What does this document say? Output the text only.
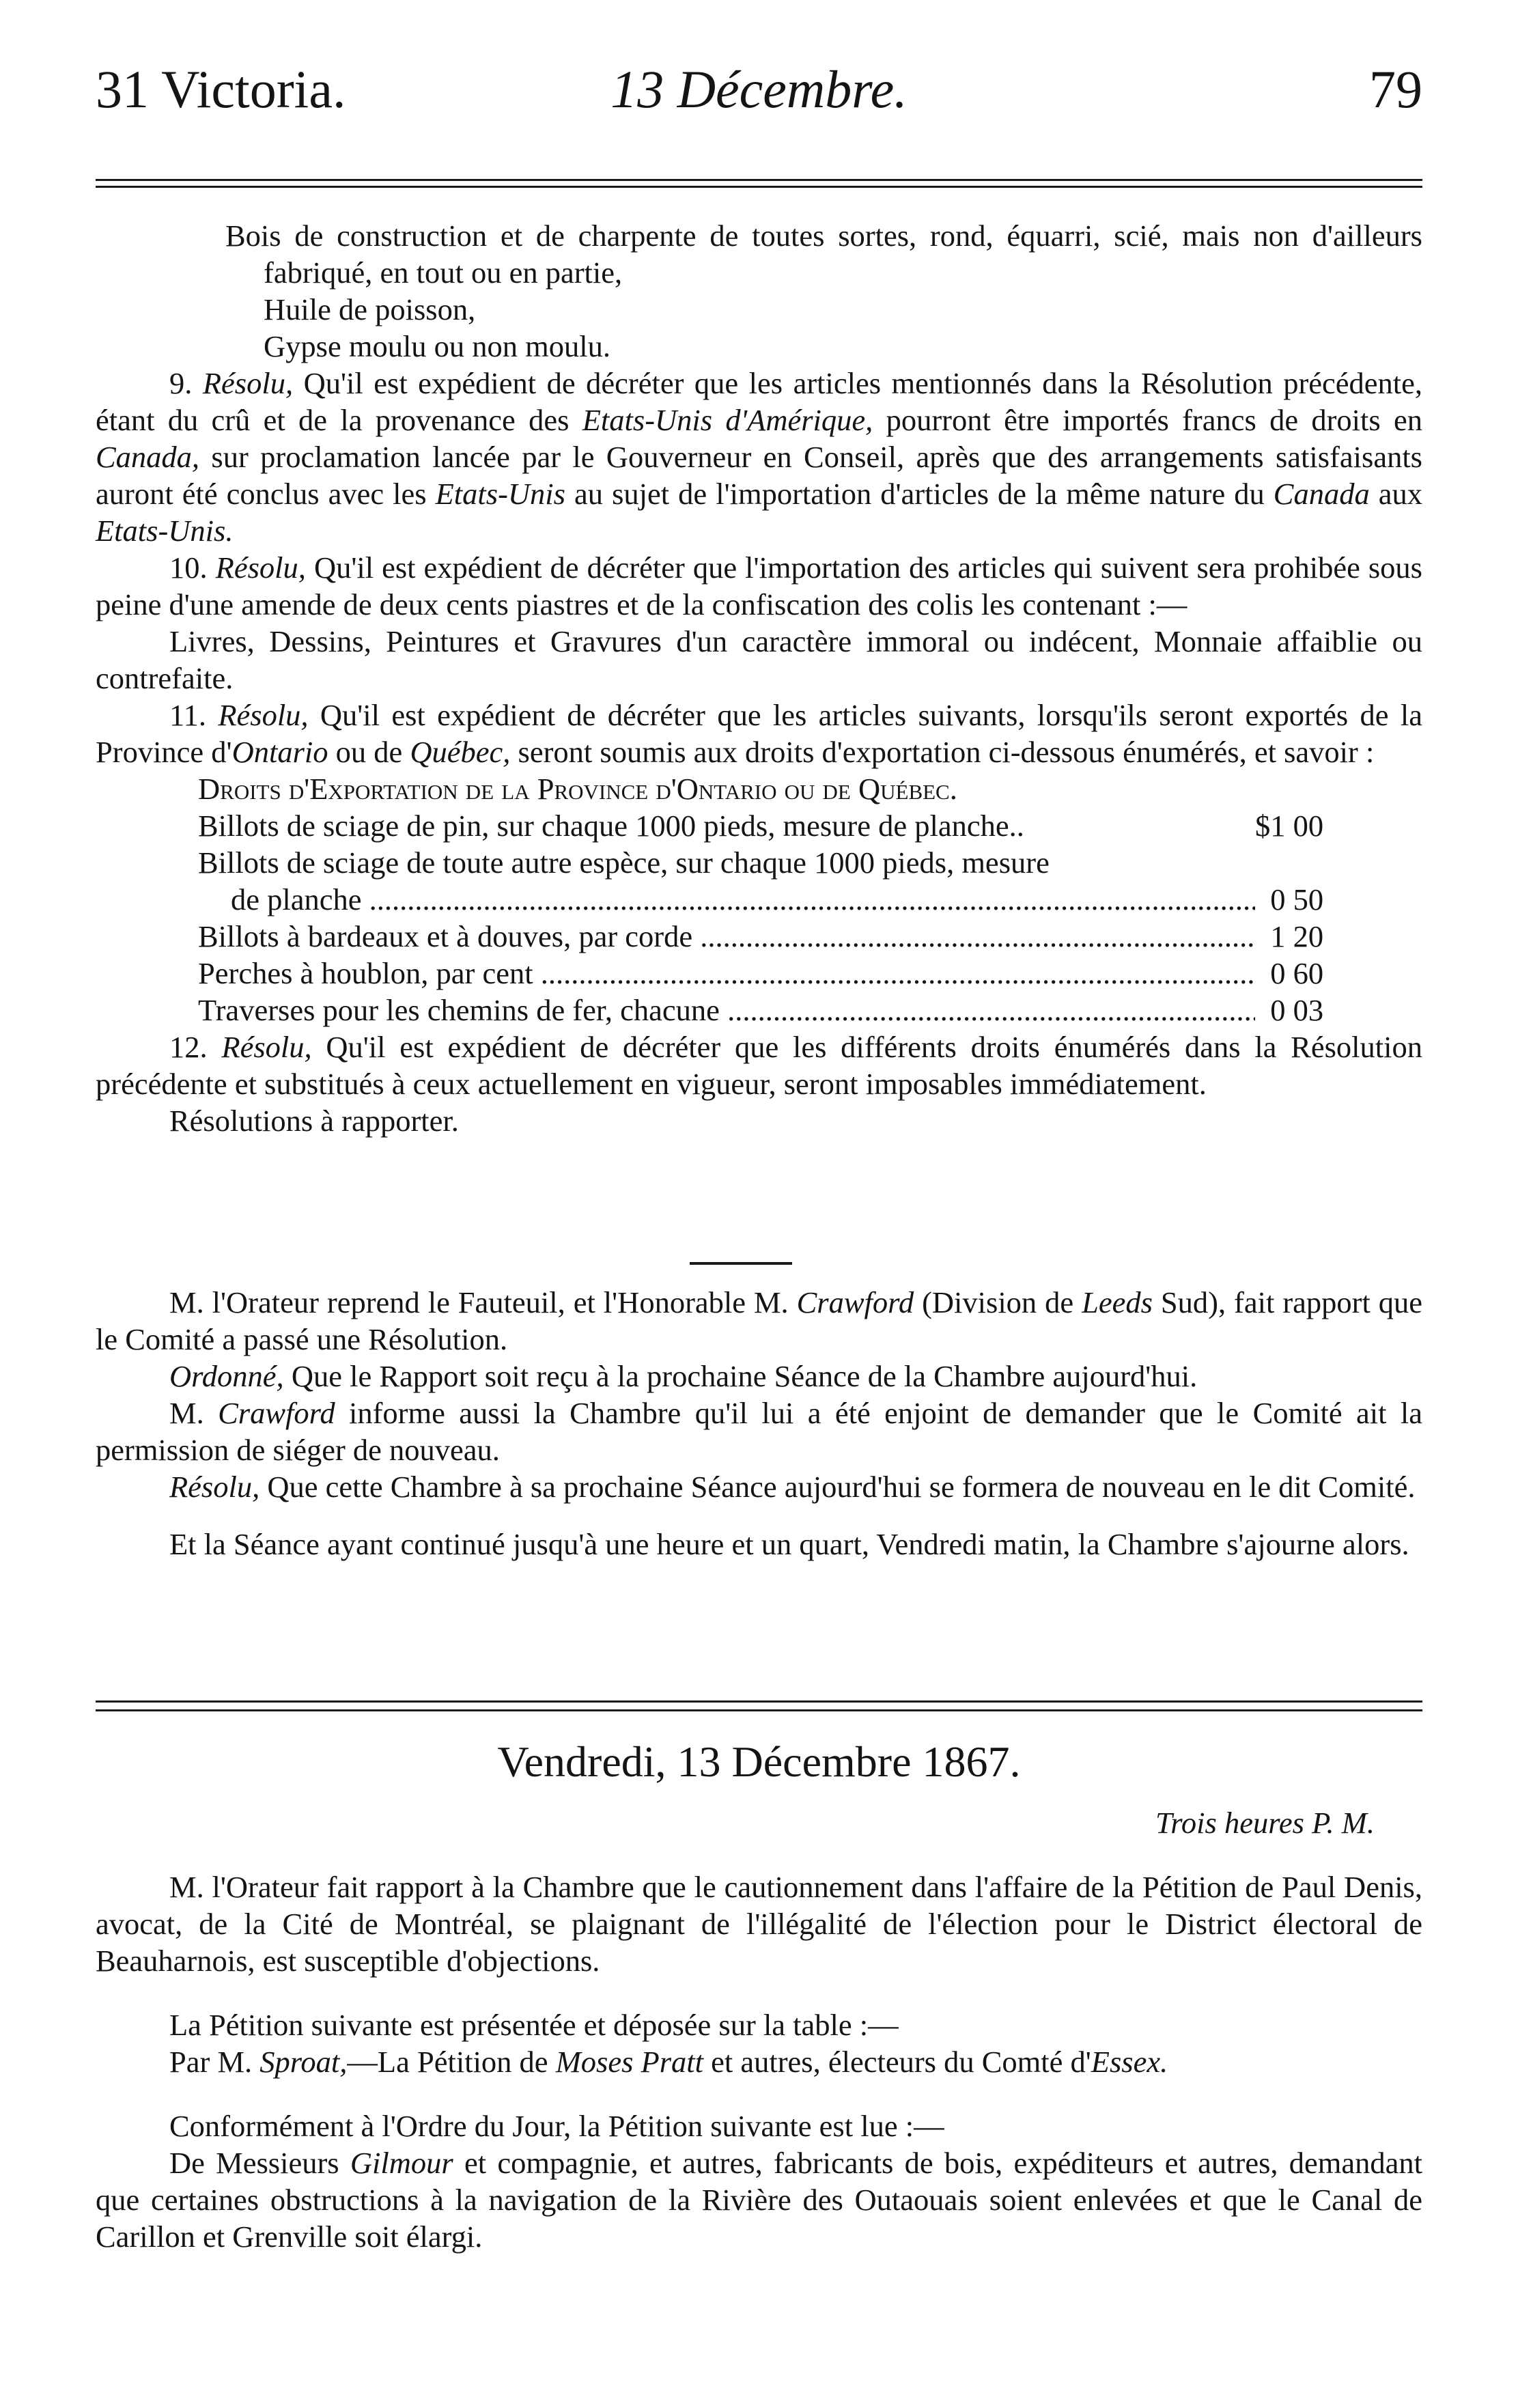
31 Victoria.	13 Décembre.	79

Bois de construction et de charpente de toutes sortes, rond, équarri, scié, mais non d'ailleurs fabriqué, en tout ou en partie,

Huile de poisson,

Gypse moulu ou non moulu.

9. Résolu, Qu'il est expédient de décréter que les articles mentionnés dans la Résolution précédente, étant du crû et de la provenance des Etats-Unis d'Amérique, pourront être importés francs de droits en Canada, sur proclamation lancée par le Gouverneur en Conseil, après que des arrangements satisfaisants auront été conclus avec les Etats-Unis au sujet de l'importation d'articles de la même nature du Canada aux Etats-Unis.

10. Résolu, Qu'il est expédient de décréter que l'importation des articles qui suivent sera prohibée sous peine d'une amende de deux cents piastres et de la confiscation des colis les contenant :—

Livres, Dessins, Peintures et Gravures d'un caractère immoral ou indécent, Monnaie affaiblie ou contrefaite.

11. Résolu, Qu'il est expédient de décréter que les articles suivants, lorsqu'ils seront exportés de la Province d'Ontario ou de Québec, seront soumis aux droits d'exportation ci-dessous énumérés, et savoir :

Droits d'Exportation de la Province d'Ontario ou de Québec.
Billots de sciage de pin, sur chaque 1000 pieds, mesure de planche..	$1 00
Billots de sciage de toute autre espèce, sur chaque 1000 pieds, mesure	
de planche .....	0 50
Billots à bardeaux et à douves, par corde .....	1 20
Perches à houblon, par cent .....	0 60
Traverses pour les chemins de fer, chacune .....	0 03

12. Résolu, Qu'il est expédient de décréter que les différents droits énumérés dans la Résolution précédente et substitués à ceux actuellement en vigueur, seront imposables immédiatement.

Résolutions à rapporter.

M. l'Orateur reprend le Fauteuil, et l'Honorable M. Crawford (Division de Leeds Sud), fait rapport que le Comité a passé une Résolution.

Ordonné, Que le Rapport soit reçu à la prochaine Séance de la Chambre aujourd'hui.

M. Crawford informe aussi la Chambre qu'il lui a été enjoint de demander que le Comité ait la permission de siéger de nouveau.

Résolu, Que cette Chambre à sa prochaine Séance aujourd'hui se formera de nouveau en le dit Comité.

Et la Séance ayant continué jusqu'à une heure et un quart, Vendredi matin, la Chambre s'ajourne alors.

Vendredi, 13 Décembre 1867.
Trois heures P. M.

M. l'Orateur fait rapport à la Chambre que le cautionnement dans l'affaire de la Pétition de Paul Denis, avocat, de la Cité de Montréal, se plaignant de l'illégalité de l'élection pour le District électoral de Beauharnois, est susceptible d'objections.

La Pétition suivante est présentée et déposée sur la table :—

Par M. Sproat,—La Pétition de Moses Pratt et autres, électeurs du Comté d'Essex.

Conformément à l'Ordre du Jour, la Pétition suivante est lue :—

De Messieurs Gilmour et compagnie, et autres, fabricants de bois, expéditeurs et autres, demandant que certaines obstructions à la navigation de la Rivière des Outaouais soient enlevées et que le Canal de Carillon et Grenville soit élargi.
